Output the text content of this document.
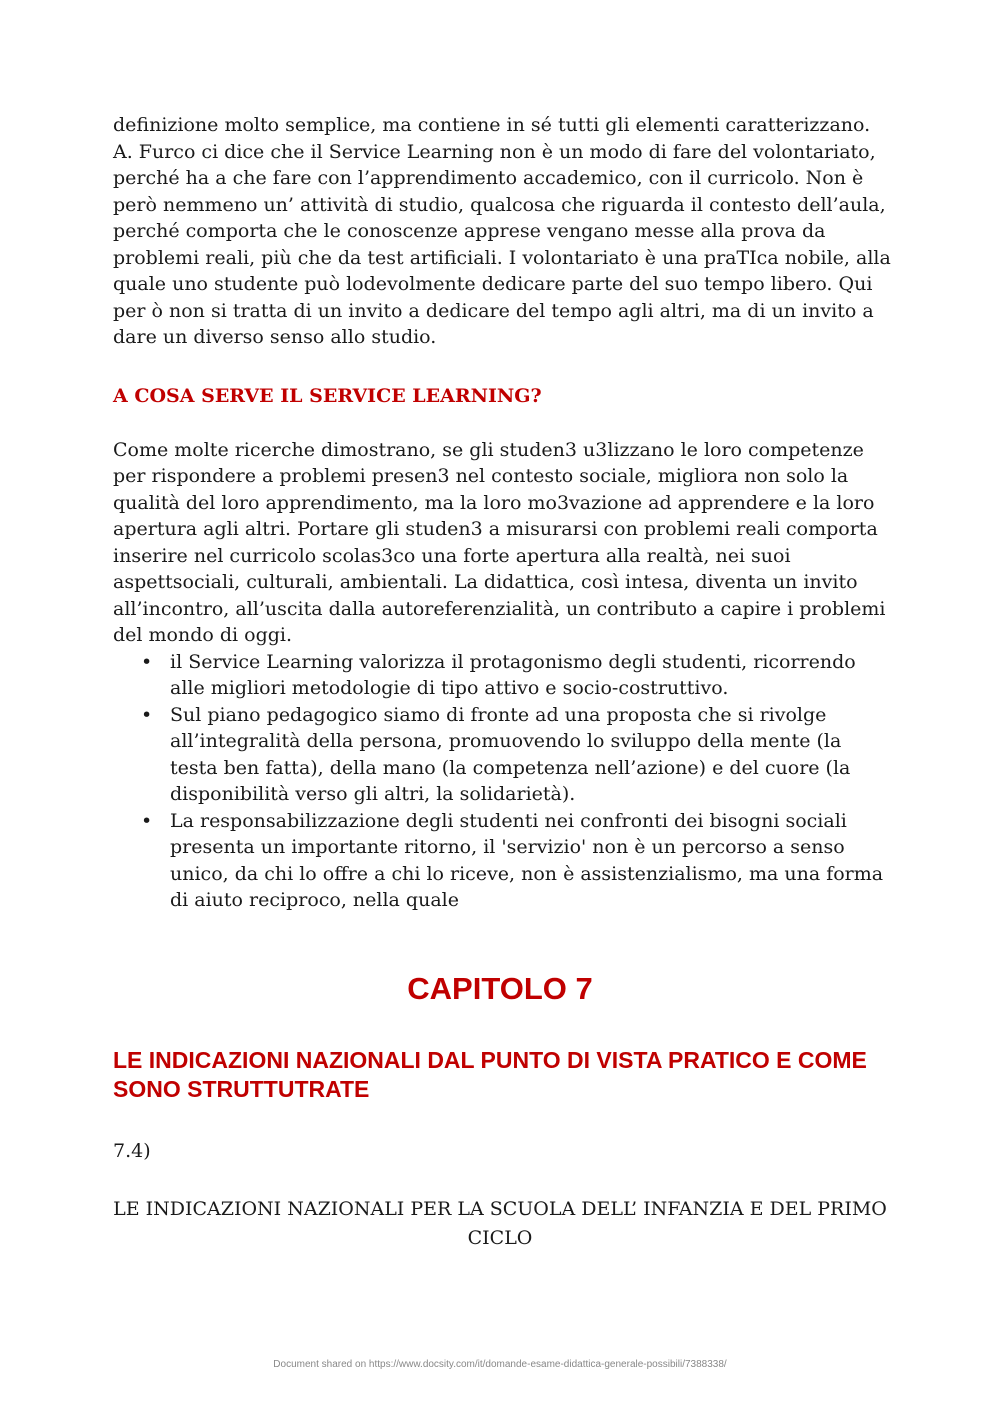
definizione molto semplice, ma contiene in sé tutti gli elementi caratterizzano. A. Furco ci dice che il Service Learning non è un modo di fare del volontariato, perché ha a che fare con l’apprendimento accademico, con il curricolo. Non è però nemmeno un’ attività di studio, qualcosa che riguarda il contesto dell’aula, perché comporta che le conoscenze apprese vengano messe alla prova da problemi reali, più che da test artificiali. I volontariato è una praTIca nobile, alla quale uno studente può lodevolmente dedicare parte del suo tempo libero. Qui per ò non si tratta di un invito a dedicare del tempo agli altri, ma di un invito a dare un diverso senso allo studio.

A COSA SERVE IL SERVICE LEARNING?

Come molte ricerche dimostrano, se gli studen3 u3lizzano le loro competenze per rispondere a problemi presen3 nel contesto sociale, migliora non solo la qualità del loro apprendimento, ma la loro mo3vazione ad apprendere e la loro apertura agli altri. Portare gli studen3 a misurarsi con problemi reali comporta inserire nel curricolo scolas3co una forte apertura alla realtà, nei suoi aspettsociali, culturali, ambientali. La didattica, così intesa, diventa un invito all’incontro, all’uscita dalla autoreferenzialità, un contributo a capire i problemi del mondo di oggi.

• il Service Learning valorizza il protagonismo degli studenti, ricorrendo alle migliori metodologie di tipo attivo e socio-costruttivo.
• Sul piano pedagogico siamo di fronte ad una proposta che si rivolge all’integralità della persona, promuovendo lo sviluppo della mente (la testa ben fatta), della mano (la competenza nell’azione) e del cuore (la disponibilità verso gli altri, la solidarietà).
• La responsabilizzazione degli studenti nei confronti dei bisogni sociali presenta un importante ritorno, il 'servizio' non è un percorso a senso unico, da chi lo offre a chi lo riceve, non è assistenzialismo, ma una forma di aiuto reciproco, nella quale
CAPITOLO 7
LE INDICAZIONI NAZIONALI DAL PUNTO DI VISTA PRATICO E COME SONO STRUTTUTRATE

7.4)

LE INDICAZIONI NAZIONALI PER LA SCUOLA DELL’ INFANZIA E DEL PRIMO CICLO

Document shared on https://www.docsity.com/it/domande-esame-didattica-generale-possibili/7388338/
